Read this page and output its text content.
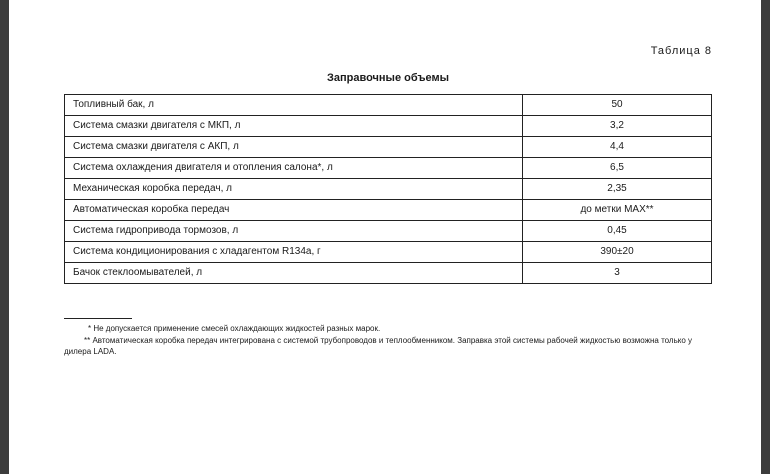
Таблица 8
Заправочные объемы
Топливный бак, л	50
Система смазки двигателя с МКП, л	3,2
Система смазки двигателя с АКП, л	4,4
Система охлаждения двигателя и отопления салона*, л	6,5
Механическая коробка передач, л	2,35
Автоматическая коробка передач	до метки MAX**
Система гидропривода тормозов, л	0,45
Система кондиционирования с хладагентом R134a, г	390±20
Бачок стеклоомывателей, л	3
* Не допускается применение смесей охлаждающих жидкостей разных марок.
** Автоматическая коробка передач интегрирована с системой трубопроводов и теплообменником. Заправка этой системы рабочей жидкостью возможна только у дилера LADA.
